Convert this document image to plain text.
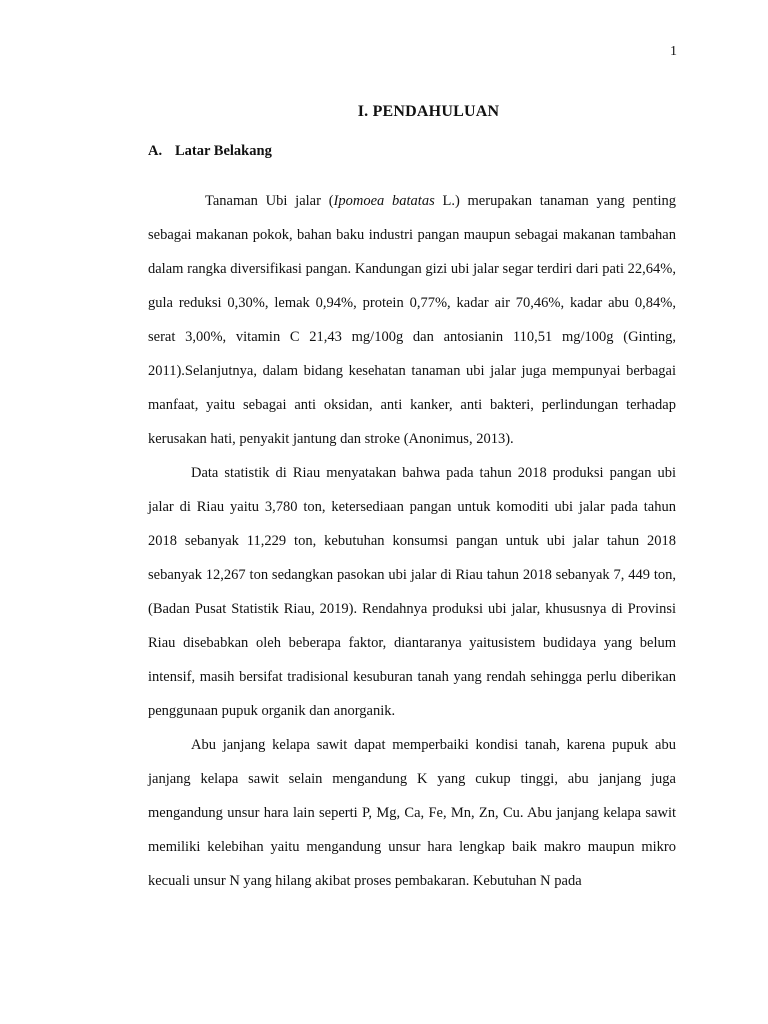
1
I. PENDAHULUAN
A. Latar Belakang

Tanaman Ubi jalar (Ipomoea batatas L.) merupakan tanaman yang penting sebagai makanan pokok, bahan baku industri pangan maupun sebagai makanan tambahan dalam rangka diversifikasi pangan. Kandungan gizi ubi jalar segar terdiri dari pati 22,64%, gula reduksi 0,30%, lemak 0,94%, protein 0,77%, kadar air 70,46%, kadar abu 0,84%, serat 3,00%, vitamin C 21,43 mg/100g dan antosianin 110,51 mg/100g (Ginting, 2011).Selanjutnya, dalam bidang kesehatan tanaman ubi jalar juga mempunyai berbagai manfaat, yaitu sebagai anti oksidan, anti kanker, anti bakteri, perlindungan terhadap kerusakan hati, penyakit jantung dan stroke (Anonimus, 2013).

Data statistik di Riau menyatakan bahwa pada tahun 2018 produksi pangan ubi jalar di Riau yaitu 3,780 ton, ketersediaan pangan untuk komoditi ubi jalar pada tahun 2018 sebanyak 11,229 ton, kebutuhan konsumsi pangan untuk ubi jalar tahun 2018 sebanyak 12,267 ton sedangkan pasokan ubi jalar di Riau tahun 2018 sebanyak 7, 449 ton, (Badan Pusat Statistik Riau, 2019). Rendahnya produksi ubi jalar, khususnya di Provinsi Riau disebabkan oleh beberapa faktor, diantaranya yaitusistem budidaya yang belum intensif, masih bersifat tradisional kesuburan tanah yang rendah sehingga perlu diberikan penggunaan pupuk organik dan anorganik.

Abu janjang kelapa sawit dapat memperbaiki kondisi tanah, karena pupuk abu janjang kelapa sawit selain mengandung K yang cukup tinggi, abu janjang juga mengandung unsur hara lain seperti P, Mg, Ca, Fe, Mn, Zn, Cu. Abu janjang kelapa sawit memiliki kelebihan yaitu mengandung unsur hara lengkap baik makro maupun mikro kecuali unsur N yang hilang akibat proses pembakaran. Kebutuhan N pada
